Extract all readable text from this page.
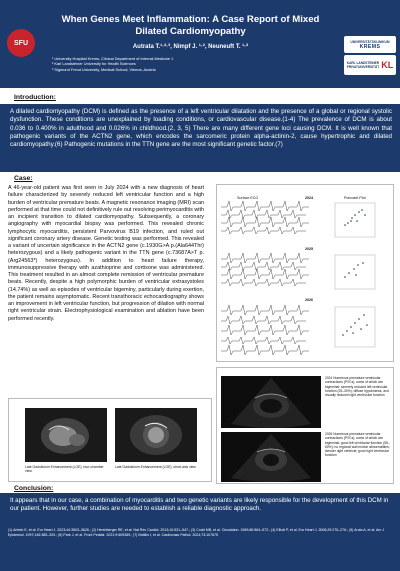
SFU
When Genes Meet Inflammation: A Case Report of Mixed Dilated Cardiomyopathy
Autrata T.¹·²·³, Nimpf J. ¹·², Neuneuft T. ¹·²
¹ University Hospital Krems, Clinical Department of Internal Medicine 1
² Karl Landsteiner University for Health Sciences
³ Sigmund Freud University, Medical School, Vienna, Austria
UNIVERSITÄTSKLINIKUM
KREMS
KARL LANDSTEINER
PRIVATUNIVERSITÄT KL
Introduction:
A dilated cardiomyopathy (DCM) is defined as the presence of a left ventricular dilatation and the presence of a global or regional systolic dysfunction. These conditions are unexplained by loading conditions, or cardiovascular disease.(1-4) The prevalence of DCM is about 0.036 to 0.400% in adulthood and 0.026% in childhood.(2, 3, 5) There are many different gene loci causing DCM. It is well known that pathogenic variants of the ACTN2 gene, which encodes the sarcomeric protein alpha-actinin-2, cause hypertrophic and dilated cardiomyopathy.(6) Pathogenic mutations in the TTN gene are the most significant genetic factor.(7)
Case:
A 46-year-old patient was first seen in July 2024 with a new diagnosis of heart failure characterized by severely reduced left ventricular function and a high burden of ventricular premature beats. A magnetic resonance imaging (MRI) scan performed at that time could not definitively rule out resolving perimyocarditis with an incipient transition to dilated cardiomyopathy. Subsequently, a coronary angiography with myocardial biopsy was performed. This revealed chronic lymphocytic myocarditis, persistent Parvovirus B19 infection, and ruled out significant coronary artery disease. Genetic testing was performed. This revealed a variant of uncertain significance in the ACTN2 gene (c.1930G>A p.(Ala644Thr) heterozygous) and a likely pathogenic variant in the TTN gene (c.73687A>T p.(Arg24563*) heterozygous). In addition to heart failure therapy, immunosuppressive therapy with azathioprine and cortisone was administered. This treatment resulted in an almost complete remission of ventricular premature beats. Recently, despite a high polymorphic burden of ventricular extrasystoles (14.74%) as well as episodes of ventricular bigeminy, particularly during exertion, the patient remains asymptomatic. Recent transthoracic echocardiography shows an improvement in left ventricular function, but progression of dilation with normal right ventricular strain. Electrophysiological examination and ablation have been performed recently.
Surface ECG	Poincaré-Plot
2024
2025
2026
Late Gadolinium Enhancement (LGE), four-chamber view
Late Gadolinium Enhancement (LGE), short-axis view
2024 Numerous premature ventricular contractions (PVCs), some of which are bigeminal; severely reduced left ventricular function (25–30%); diffuse hypokinesis, and visually reduced right ventricular function
2026 Numerous premature ventricular contractions (PVCs), some of which are bigeminal; good left ventricular function (55–60%); no regional wall motion abnormalities; slender right ventricle; good right ventricular function
Conclusion:
It appears that in our case, a combination of myocarditis and two genetic variants are likely responsible for the development of this DCM in our patient. However, further studies are needed to establish a reliable diagnostic approach.
(1) Arbelo E, et al. Eur Heart J. 2023;44:3503–3626.; (2) Hershberger RE, et al. Nat Rev Cardiol. 2013;10:531–547.; (3) Codd MB, et al. Circulation. 1989;80:564–572.; (4) Elliott P, et al. Eur Heart J. 2008;29:270–276.; (5) Arola A, et al. Am J Epidemiol. 1997;146:385–393.; (6) Park J, et al. Front Pediatr. 2021;9:609389.; (7) Bottillo I, et al. Cardiovasc Pathol. 2024;73:107675
